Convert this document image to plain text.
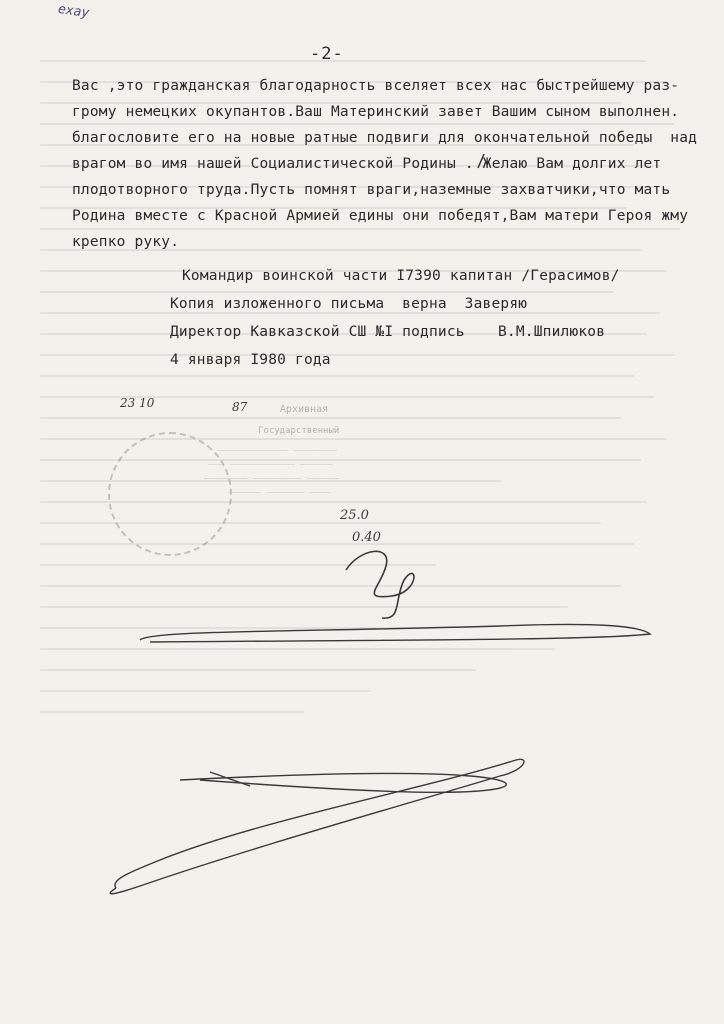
ехау
-2-
Вас ,это гражданская благодарность вселяет всех нас быстрейшему раз-
грому немецких окупантов.Ваш Материнский завет Вашим сыном выполнен.
благословите его на новые ратные подвиги для окончательной победы  над
врагом во имя нашей Социалистической Родины . Желаю Вам долгих лет
плодотворного труда.Пусть помнят враги,наземные захватчики,что мать
Родина вместе с Красной Армией едины они победят,Вам матери Героя жму
крепко руку.
Командир воинской части I7390 капитан /Герасимов/
Копия изложенного письма  верна  Заверяю
Директор Кавказской СШ №I подпись В.М.Шпилюков
4 января I980 года
Архивная
Государственный
_____________ ________
___ ____________ ______
________ _________ ______
______ _______ ____
23 10	87
25.0
0.40
